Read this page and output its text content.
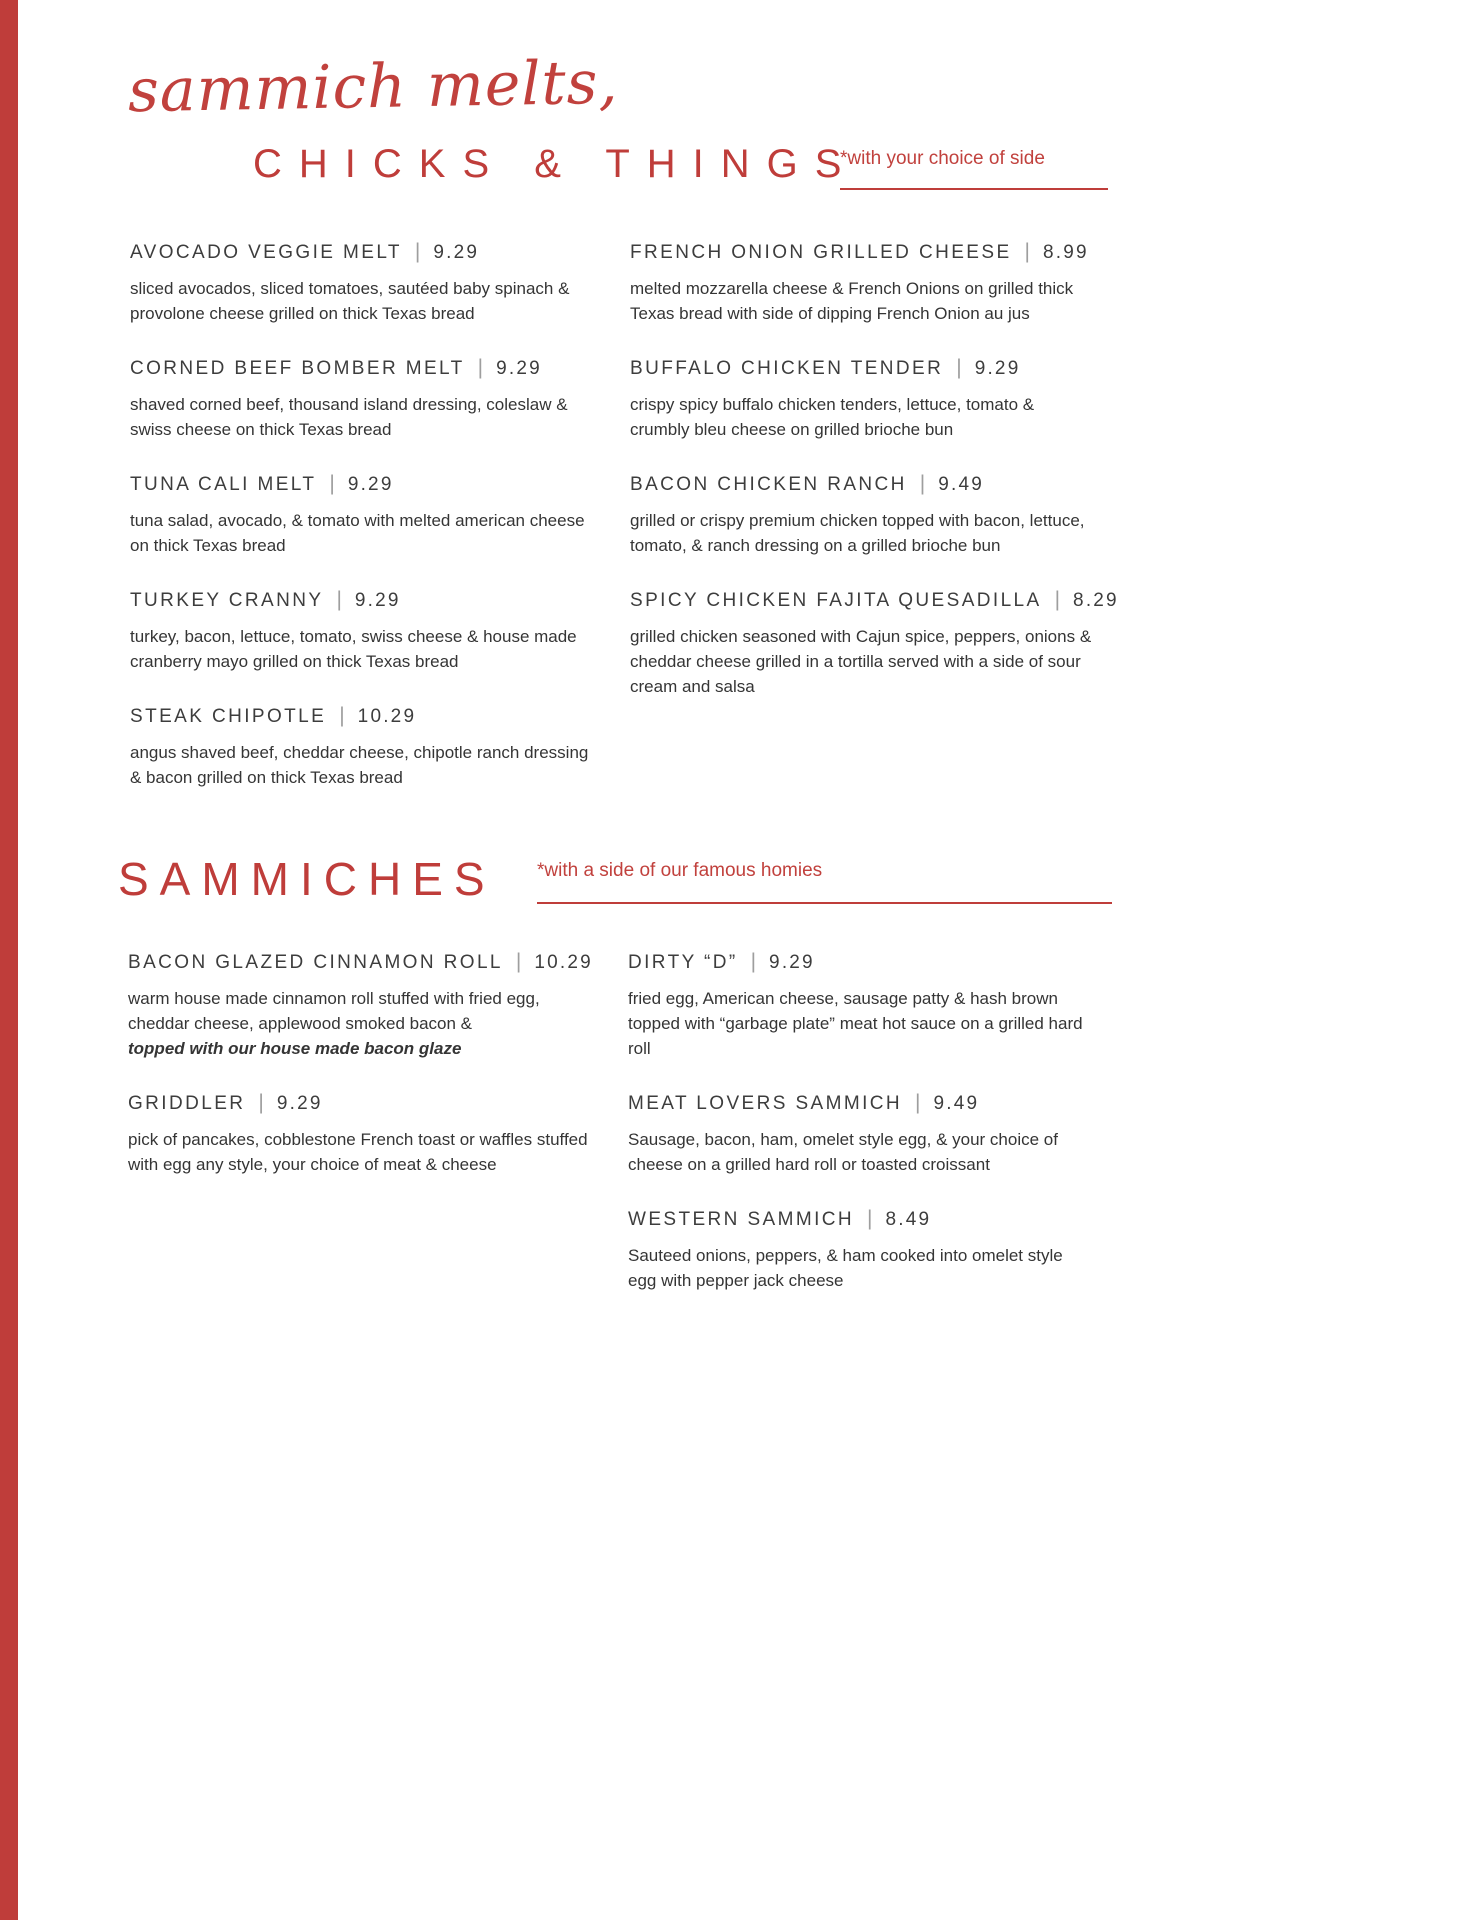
sammich melts,
CHICKS & THINGS
*with your choice of side
AVOCADO VEGGIE MELT | 9.29

sliced avocados, sliced tomatoes, sautéed baby spinach & provolone cheese grilled on thick Texas bread

CORNED BEEF BOMBER MELT | 9.29

shaved corned beef, thousand island dressing, coleslaw & swiss cheese on thick Texas bread

TUNA CALI MELT | 9.29

tuna salad, avocado, & tomato with melted american cheese on thick Texas bread

TURKEY CRANNY | 9.29

turkey, bacon, lettuce, tomato, swiss cheese & house made cranberry mayo grilled on thick Texas bread

STEAK CHIPOTLE | 10.29

angus shaved beef, cheddar cheese, chipotle ranch dressing & bacon grilled on thick Texas bread

FRENCH ONION GRILLED CHEESE | 8.99

melted mozzarella cheese & French Onions on grilled thick Texas bread with side of dipping French Onion au jus

BUFFALO CHICKEN TENDER | 9.29

crispy spicy buffalo chicken tenders, lettuce, tomato & crumbly bleu cheese on grilled brioche bun

BACON CHICKEN RANCH | 9.49

grilled or crispy premium chicken topped with bacon, lettuce, tomato, & ranch dressing on a grilled brioche bun

SPICY CHICKEN FAJITA QUESADILLA | 8.29

grilled chicken seasoned with Cajun spice, peppers, onions & cheddar cheese grilled in a tortilla served with a side of sour cream and salsa

SAMMICHES *with a side of our famous homies
BACON GLAZED CINNAMON ROLL | 10.29

warm house made cinnamon roll stuffed with fried egg, cheddar cheese, applewood smoked bacon &

topped with our house made bacon glaze

GRIDDLER | 9.29

pick of pancakes, cobblestone French toast or waffles stuffed with egg any style, your choice of meat & cheese

DIRTY “D” | 9.29

fried egg, American cheese, sausage patty & hash brown topped with “garbage plate” meat hot sauce on a grilled hard roll

MEAT LOVERS SAMMICH | 9.49

Sausage, bacon, ham, omelet style egg, & your choice of cheese on a grilled hard roll or toasted croissant

WESTERN SAMMICH | 8.49

Sauteed onions, peppers, & ham cooked into omelet style egg with pepper jack cheese
